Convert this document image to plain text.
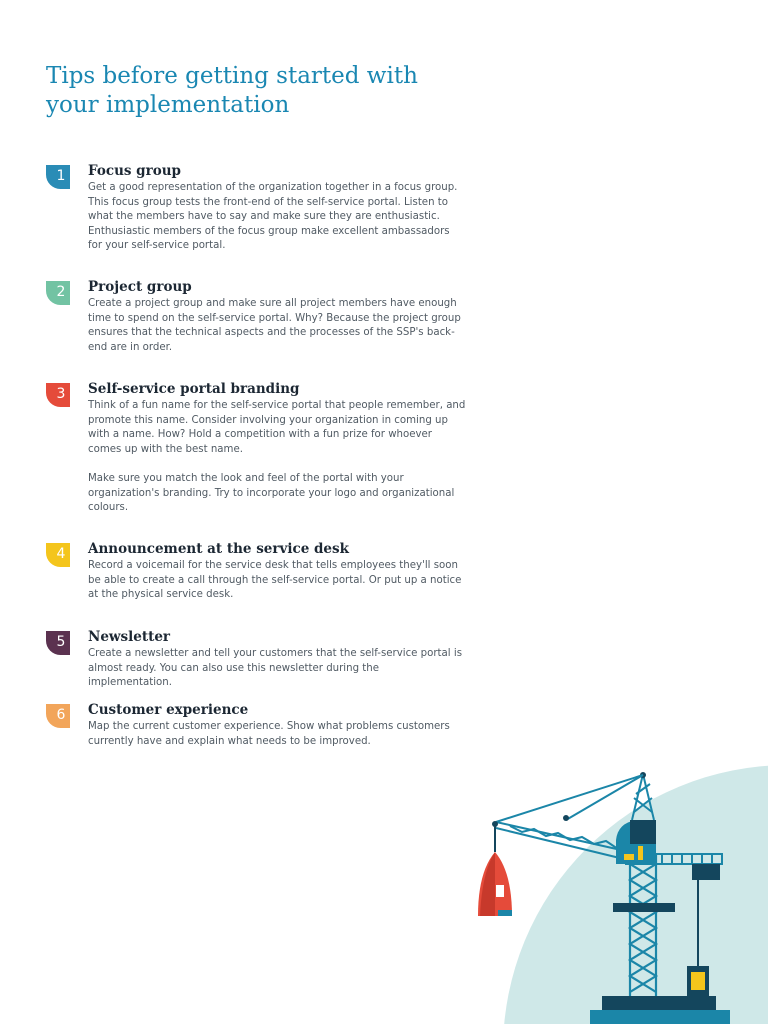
Tips before getting started with your implementation
1	Focus group

Get a good representation of the organization together in a focus group. This focus group tests the front-end of the self-service portal. Listen to what the members have to say and make sure they are enthusiastic. Enthusiastic members of the focus group make excellent ambassadors for your self-service portal.

2	Project group

Create a project group and make sure all project members have enough time to spend on the self-service portal. Why? Because the project group ensures that the technical aspects and the processes of the SSP's back-end are in order.

3	Self-service portal branding

Think of a fun name for the self-service portal that people remember, and promote this name. Consider involving your organization in coming up with a name. How? Hold a competition with a fun prize for whoever comes up with the best name.

Make sure you match the look and feel of the portal with your organization's branding. Try to incorporate your logo and organizational colours.

4	Announcement at the service desk

Record a voicemail for the service desk that tells employees they'll soon be able to create a call through the self-service portal. Or put up a notice at the physical service desk.

5	Newsletter

Create a newsletter and tell your customers that the self-service portal is almost ready. You can also use this newsletter during the implementation.

6	Customer experience

Map the current customer experience. Show what problems customers currently have and explain what needs to be improved.
